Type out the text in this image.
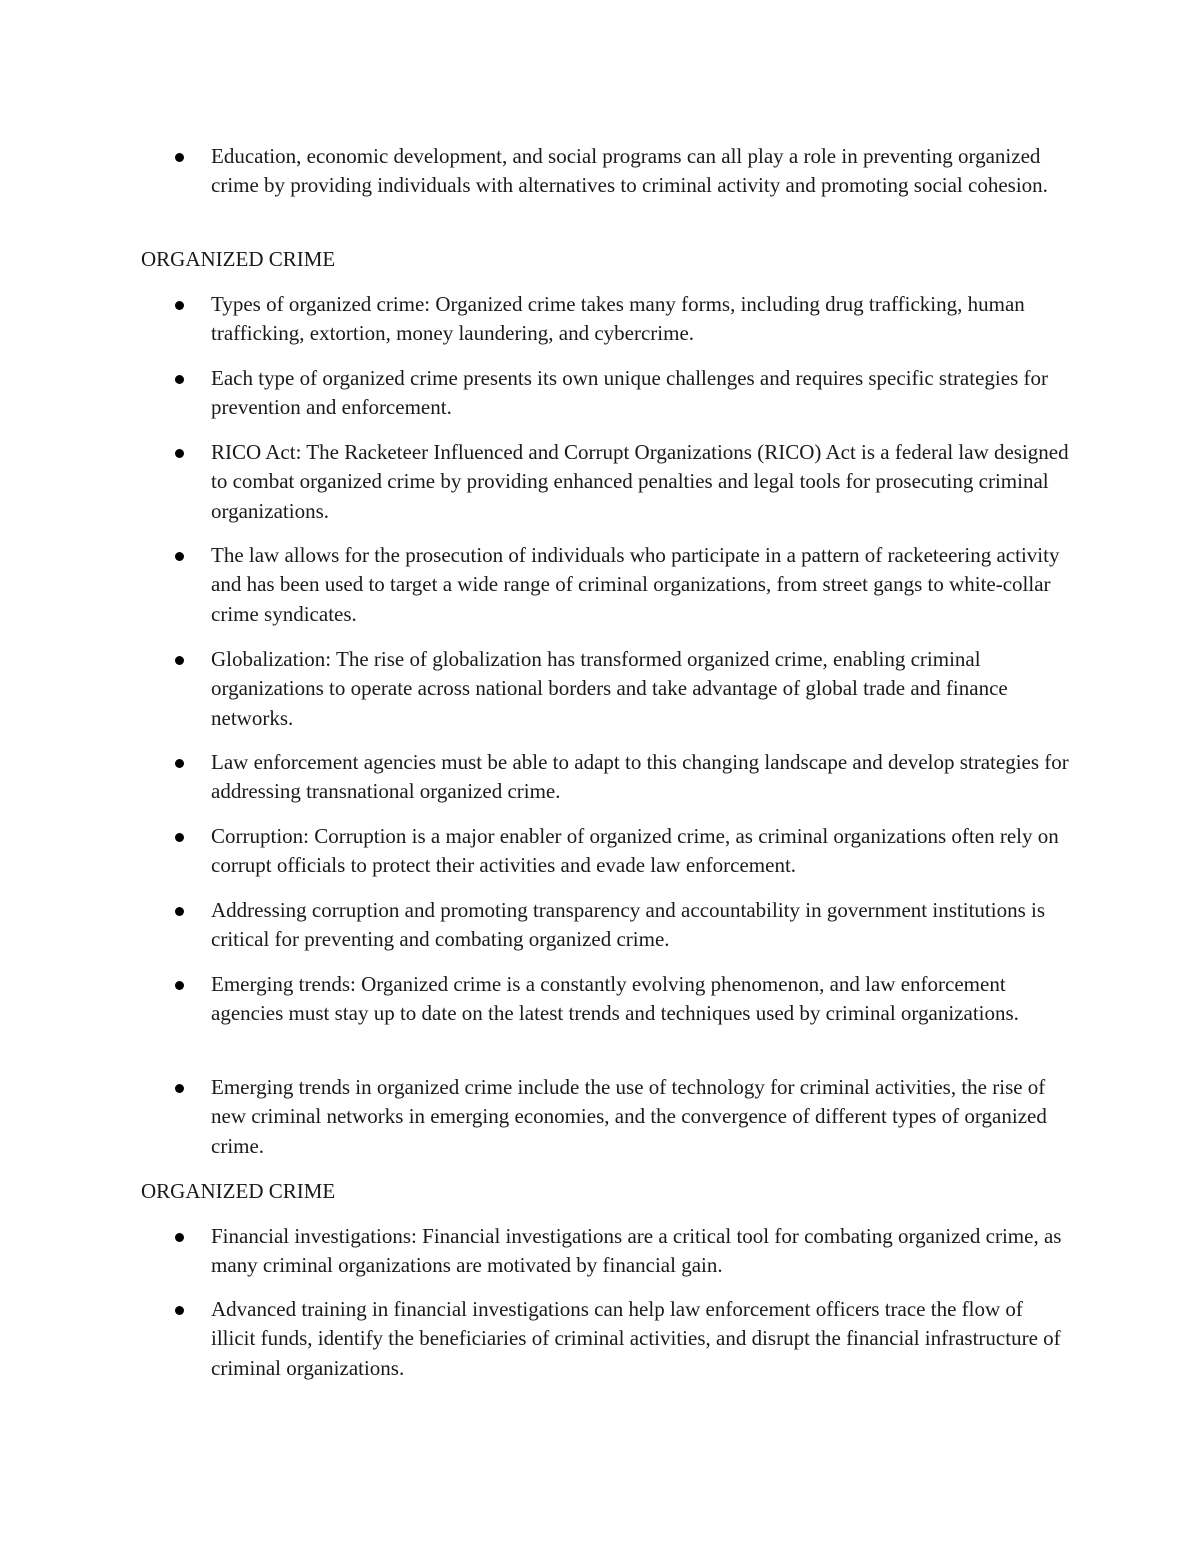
Education, economic development, and social programs can all play a role in preventing organized crime by providing individuals with alternatives to criminal activity and promoting social cohesion.

ORGANIZED CRIME

Types of organized crime: Organized crime takes many forms, including drug trafficking, human trafficking, extortion, money laundering, and cybercrime.

Each type of organized crime presents its own unique challenges and requires specific strategies for prevention and enforcement.

RICO Act: The Racketeer Influenced and Corrupt Organizations (RICO) Act is a federal law designed to combat organized crime by providing enhanced penalties and legal tools for prosecuting criminal organizations.

The law allows for the prosecution of individuals who participate in a pattern of racketeering activity and has been used to target a wide range of criminal organizations, from street gangs to white-collar crime syndicates.

Globalization: The rise of globalization has transformed organized crime, enabling criminal organizations to operate across national borders and take advantage of global trade and finance networks.

Law enforcement agencies must be able to adapt to this changing landscape and develop strategies for addressing transnational organized crime.

Corruption: Corruption is a major enabler of organized crime, as criminal organizations often rely on corrupt officials to protect their activities and evade law enforcement.

Addressing corruption and promoting transparency and accountability in government institutions is critical for preventing and combating organized crime.

Emerging trends: Organized crime is a constantly evolving phenomenon, and law enforcement agencies must stay up to date on the latest trends and techniques used by criminal organizations.

Emerging trends in organized crime include the use of technology for criminal activities, the rise of new criminal networks in emerging economies, and the convergence of different types of organized crime.

ORGANIZED CRIME

Financial investigations: Financial investigations are a critical tool for combating organized crime, as many criminal organizations are motivated by financial gain.

Advanced training in financial investigations can help law enforcement officers trace the flow of illicit funds, identify the beneficiaries of criminal activities, and disrupt the financial infrastructure of criminal organizations.
